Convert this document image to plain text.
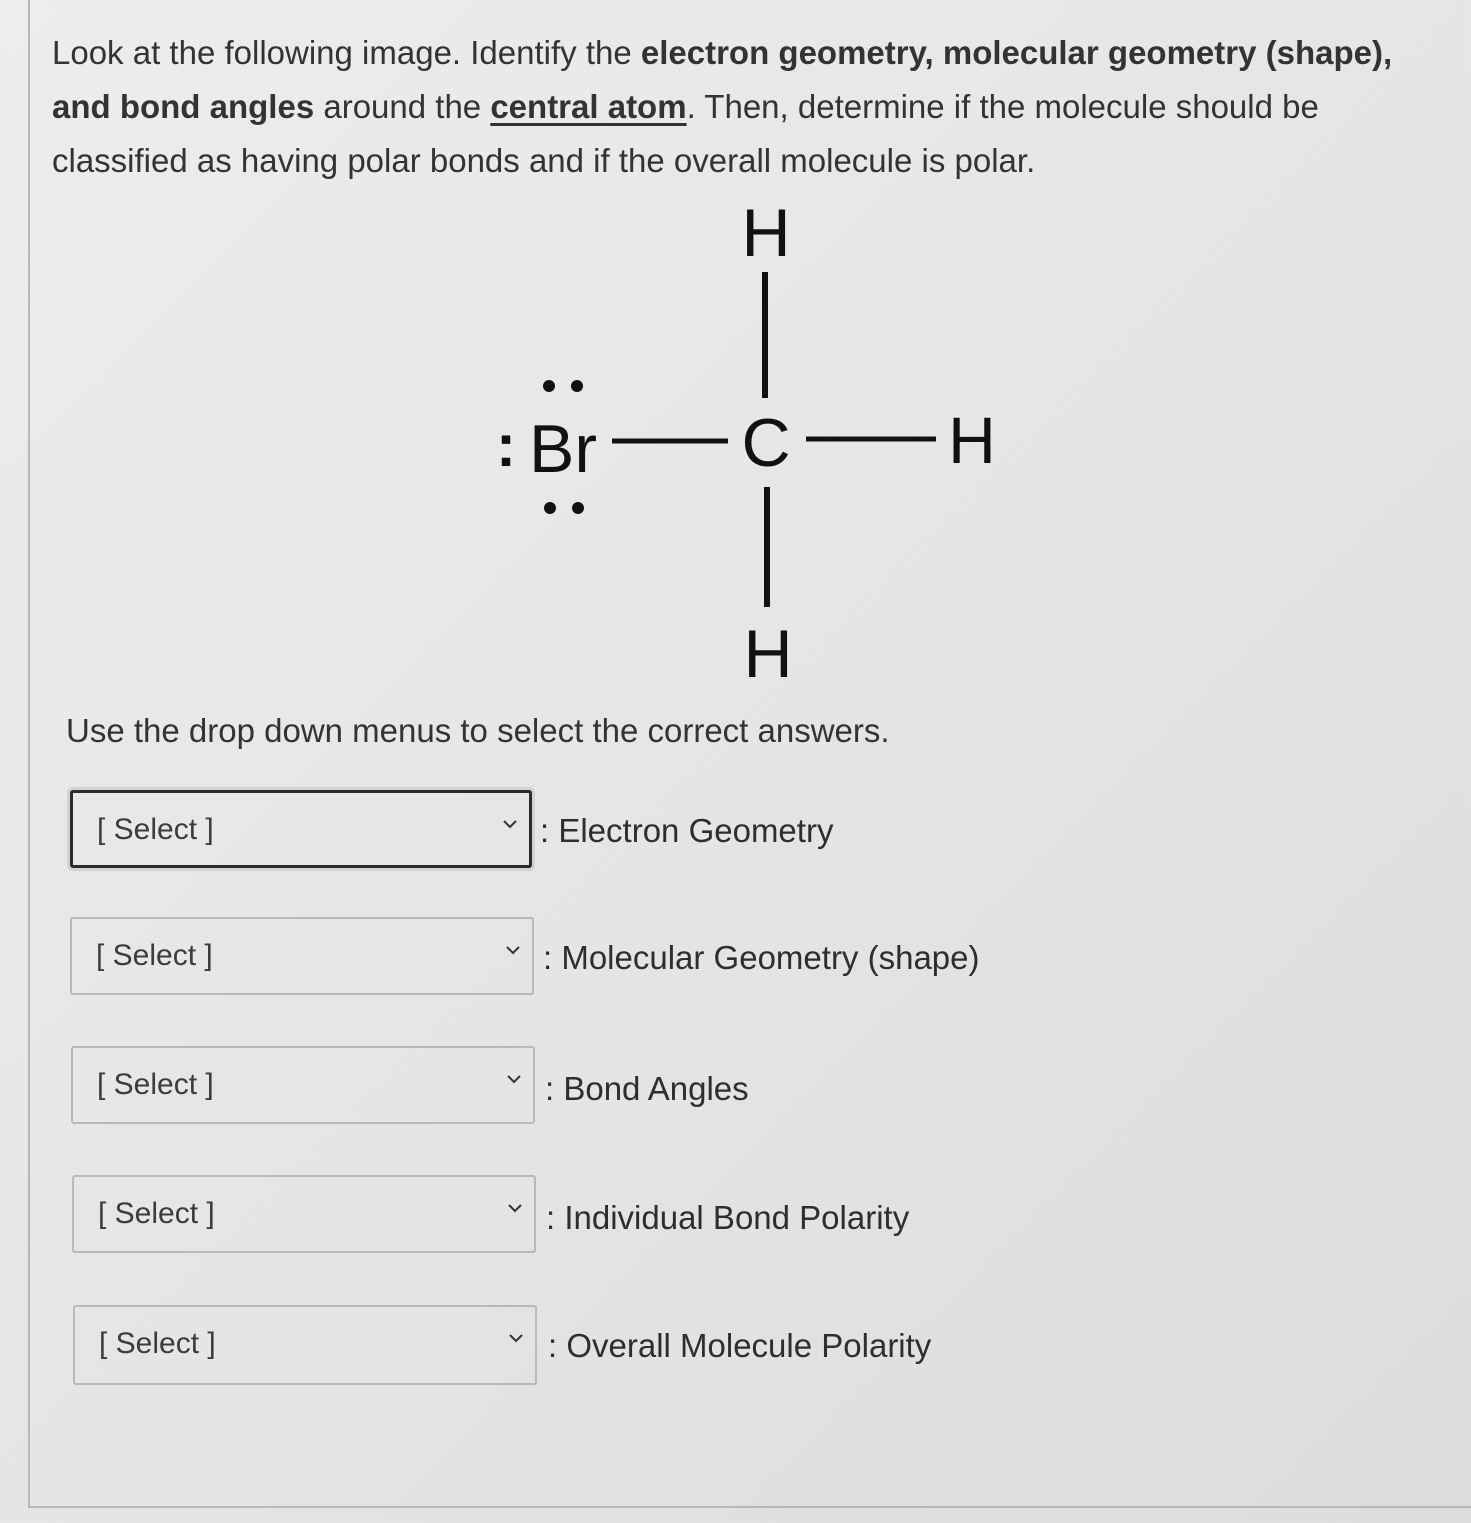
Look at the following image. Identify the electron geometry, molecular geometry (shape), and bond angles around the central atom. Then, determine if the molecule should be classified as having polar bonds and if the overall molecule is polar.
H
C H
H
Br
:
Use the drop down menus to select the correct answers.
[ Select ]	: Electron Geometry
[ Select ]	: Molecular Geometry (shape)
[ Select ]	: Bond Angles
[ Select ]	: Individual Bond Polarity
[ Select ]	: Overall Molecule Polarity
